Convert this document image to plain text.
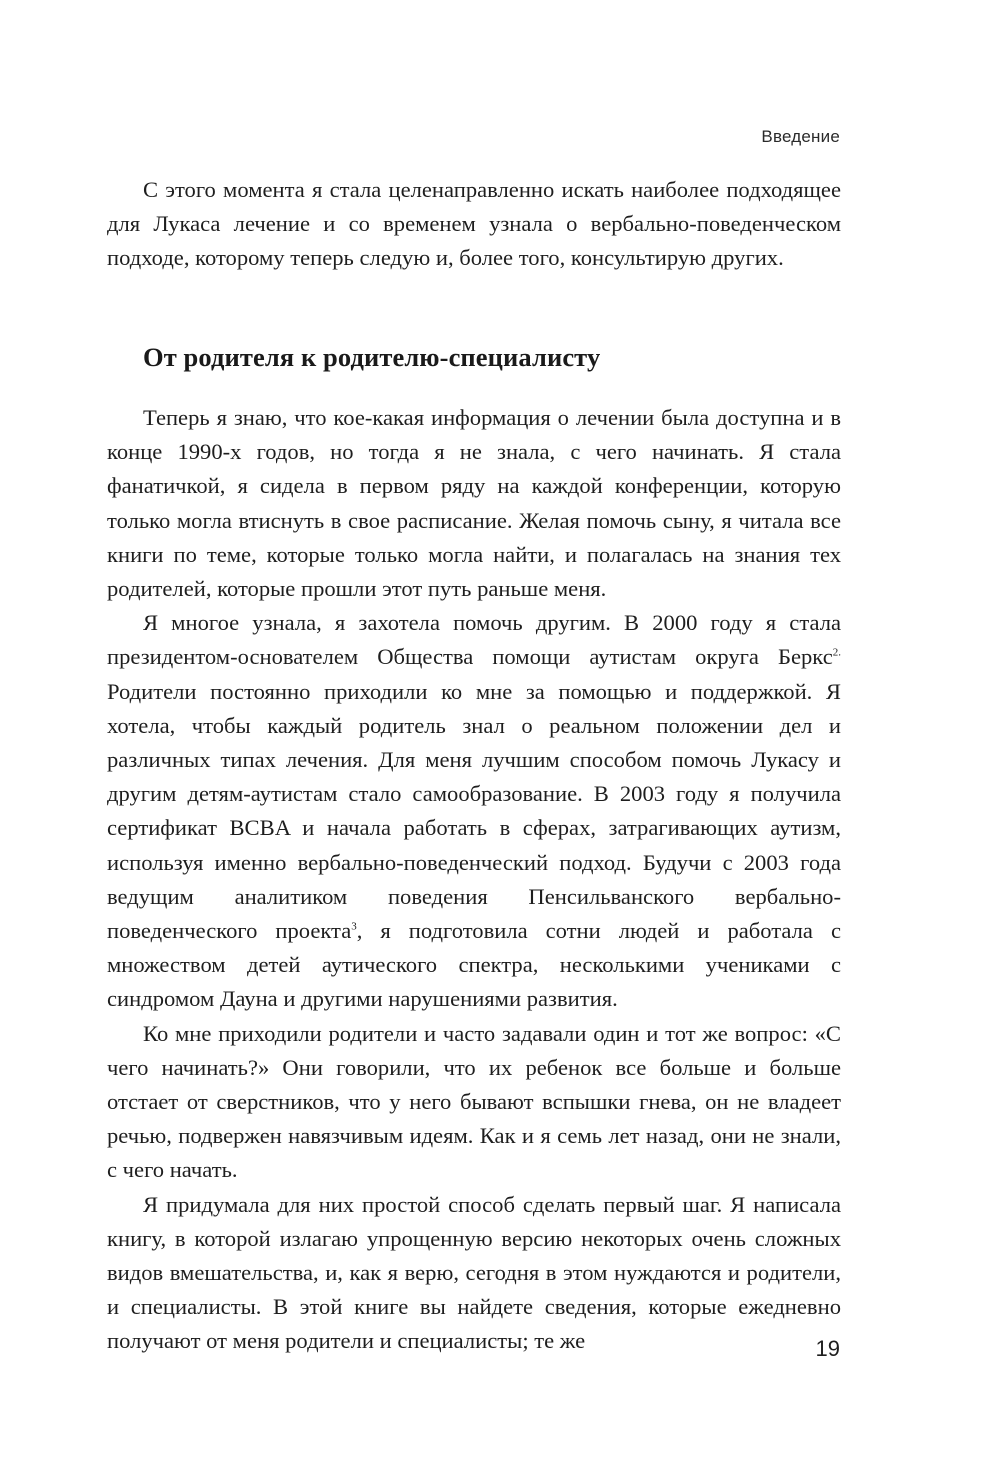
Введение

С этого момента я стала целенаправленно искать наиболее подходящее для Лукаса лечение и со временем узнала о вербально-поведенческом подходе, которому теперь следую и, более того, консультирую других.

От родителя к родителю-специалисту

Теперь я знаю, что кое-какая информация о лечении была доступна и в конце 1990-х годов, но тогда я не знала, с чего начинать. Я стала фанатичкой, я сидела в первом ряду на каждой конференции, которую только могла втиснуть в свое расписание. Желая помочь сыну, я читала все книги по теме, которые только могла найти, и полагалась на знания тех родителей, которые прошли этот путь раньше меня.

Я многое узнала, я захотела помочь другим. В 2000 году я стала президентом-основателем Общества помощи аутистам округа Беркс$^{2.}$ Родители постоянно приходили ко мне за помощью и поддержкой. Я хотела, чтобы каждый родитель знал о реальном положении дел и различных типах лечения. Для меня лучшим способом помочь Лукасу и другим детям-аутистам стало самообразование. В 2003 году я получила сертификат BCBA и начала работать в сферах, затрагивающих аутизм, используя именно вербально-поведенческий подход. Будучи с 2003 года ведущим аналитиком поведения Пенсильванского вербально-поведенческого проекта$^3$, я подготовила сотни людей и работала с множеством детей аутического спектра, несколькими учениками с синдромом Дауна и другими нарушениями развития.

Ко мне приходили родители и часто задавали один и тот же вопрос: «С чего начинать?» Они говорили, что их ребенок все больше и больше отстает от сверстников, что у него бывают вспышки гнева, он не владеет речью, подвержен навязчивым идеям. Как и я семь лет назад, они не знали, с чего начать.

Я придумала для них простой способ сделать первый шаг. Я написала книгу, в которой излагаю упрощенную версию некоторых очень сложных видов вмешательства, и, как я верю, сегодня в этом нуждаются и родители, и специалисты. В этой книге вы найдете сведения, которые ежедневно получают от меня родители и специалисты; те же	19
